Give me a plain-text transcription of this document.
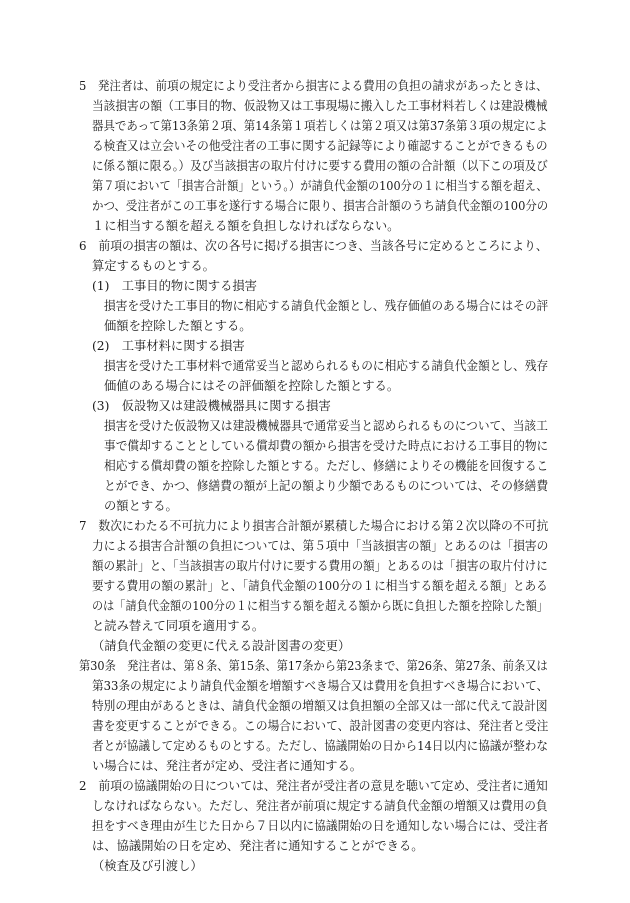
5　発注者は、前項の規定により受注者から損害による費用の負担の請求があったときは、
当該損害の額（工事目的物、仮設物又は工事現場に搬入した工事材料若しくは建設機械
器具であって第13条第２項、第14条第１項若しくは第２項又は第37条第３項の規定によ
る検査又は立会いその他受注者の工事に関する記録等により確認することができるもの
に係る額に限る。）及び当該損害の取片付けに要する費用の額の合計額（以下この項及び
第７項において「損害合計額」という。）が請負代金額の100分の１に相当する額を超え、
かつ、受注者がこの工事を遂行する場合に限り、損害合計額のうち請負代金額の100分の
１に相当する額を超える額を負担しなければならない。
6　前項の損害の額は、次の各号に掲げる損害につき、当該各号に定めるところにより、
算定するものとする。
(1)　工事目的物に関する損害
損害を受けた工事目的物に相応する請負代金額とし、残存価値のある場合にはその評
価額を控除した額とする。
(2)　工事材料に関する損害
損害を受けた工事材料で通常妥当と認められるものに相応する請負代金額とし、残存
価値のある場合にはその評価額を控除した額とする。
(3)　仮設物又は建設機械器具に関する損害
損害を受けた仮設物又は建設機械器具で通常妥当と認められるものについて、当該工
事で償却することとしている償却費の額から損害を受けた時点における工事目的物に
相応する償却費の額を控除した額とする。ただし、修繕によりその機能を回復するこ
とができ、かつ、修繕費の額が上記の額より少額であるものについては、その修繕費
の額とする。
7　数次にわたる不可抗力により損害合計額が累積した場合における第２次以降の不可抗
力による損害合計額の負担については、第５項中「当該損害の額」とあるのは「損害の
額の累計」と、「当該損害の取片付けに要する費用の額」とあるのは「損害の取片付けに
要する費用の額の累計」と、「請負代金額の100分の１に相当する額を超える額」とある
のは「請負代金額の100分の１に相当する額を超える額から既に負担した額を控除した額」
と読み替えて同項を適用する。
（請負代金額の変更に代える設計図書の変更）
第30条　発注者は、第８条、第15条、第17条から第23条まで、第26条、第27条、前条又は
第33条の規定により請負代金額を増額すべき場合又は費用を負担すべき場合において、
特別の理由があるときは、請負代金額の増額又は負担額の全部又は一部に代えて設計図
書を変更することができる。この場合において、設計図書の変更内容は、発注者と受注
者とが協議して定めるものとする。ただし、協議開始の日から14日以内に協議が整わな
い場合には、発注者が定め、受注者に通知する。
2　前項の協議開始の日については、発注者が受注者の意見を聴いて定め、受注者に通知
しなければならない。ただし、発注者が前項に規定する請負代金額の増額又は費用の負
担をすべき理由が生じた日から７日以内に協議開始の日を通知しない場合には、受注者
は、協議開始の日を定め、発注者に通知することができる。
（検査及び引渡し）
